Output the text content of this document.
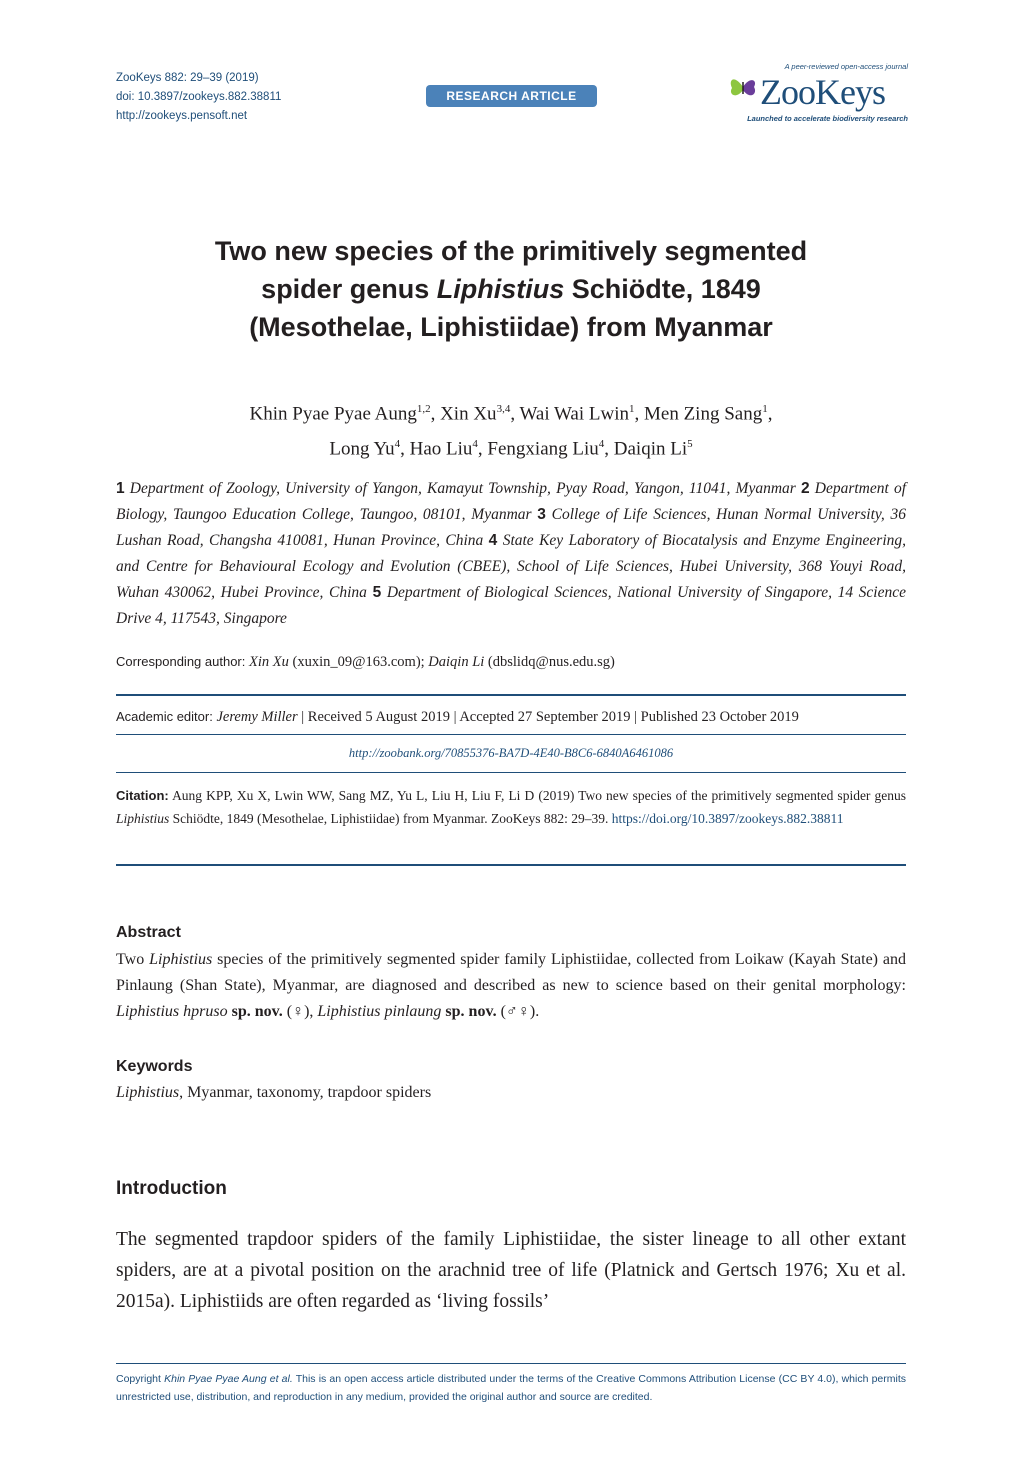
ZooKeys 882: 29–39 (2019)
doi: 10.3897/zookeys.882.38811
http://zookeys.pensoft.net
RESEARCH ARTICLE
A peer-reviewed open-access journal
ZooKeys
Launched to accelerate biodiversity research
Two new species of the primitively segmented
spider genus Liphistius Schiödte, 1849
(Mesothelae, Liphistiidae) from Myanmar
Khin Pyae Pyae Aung$^{1,2}$, Xin Xu$^{3,4}$, Wai Wai Lwin$^1$, Men Zing Sang$^1$,
Long Yu$^4$, Hao Liu$^4$, Fengxiang Liu$^4$, Daiqin Li$^5$
1 Department of Zoology, University of Yangon, Kamayut Township, Pyay Road, Yangon, 11041, Myanmar 2 Department of Biology, Taungoo Education College, Taungoo, 08101, Myanmar 3 College of Life Sciences, Hunan Normal University, 36 Lushan Road, Changsha 410081, Hunan Province, China 4 State Key Laboratory of Biocatalysis and Enzyme Engineering, and Centre for Behavioural Ecology and Evolution (CBEE), School of Life Sciences, Hubei University, 368 Youyi Road, Wuhan 430062, Hubei Province, China 5 Department of Biological Sciences, National University of Singapore, 14 Science Drive 4, 117543, Singapore
Corresponding author: Xin Xu (xuxin_09@163.com); Daiqin Li (dbslidq@nus.edu.sg)
Academic editor: Jeremy Miller | Received 5 August 2019 | Accepted 27 September 2019 | Published 23 October 2019
http://zoobank.org/70855376-BA7D-4E40-B8C6-6840A6461086
Citation: Aung KPP, Xu X, Lwin WW, Sang MZ, Yu L, Liu H, Liu F, Li D (2019) Two new species of the primitively segmented spider genus Liphistius Schiödte, 1849 (Mesothelae, Liphistiidae) from Myanmar. ZooKeys 882: 29–39. https://doi.org/10.3897/zookeys.882.38811
Abstract
Two Liphistius species of the primitively segmented spider family Liphistiidae, collected from Loikaw (Kayah State) and Pinlaung (Shan State), Myanmar, are diagnosed and described as new to science based on their genital morphology: Liphistius hpruso sp. nov. (♀), Liphistius pinlaung sp. nov. (♂♀).
Keywords
Liphistius, Myanmar, taxonomy, trapdoor spiders
Introduction
The segmented trapdoor spiders of the family Liphistiidae, the sister lineage to all other extant spiders, are at a pivotal position on the arachnid tree of life (Platnick and Gertsch 1976; Xu et al. 2015a). Liphistiids are often regarded as ‘living fossils’
Copyright Khin Pyae Pyae Aung et al. This is an open access article distributed under the terms of the Creative Commons Attribution License (CC BY 4.0), which permits unrestricted use, distribution, and reproduction in any medium, provided the original author and source are credited.
